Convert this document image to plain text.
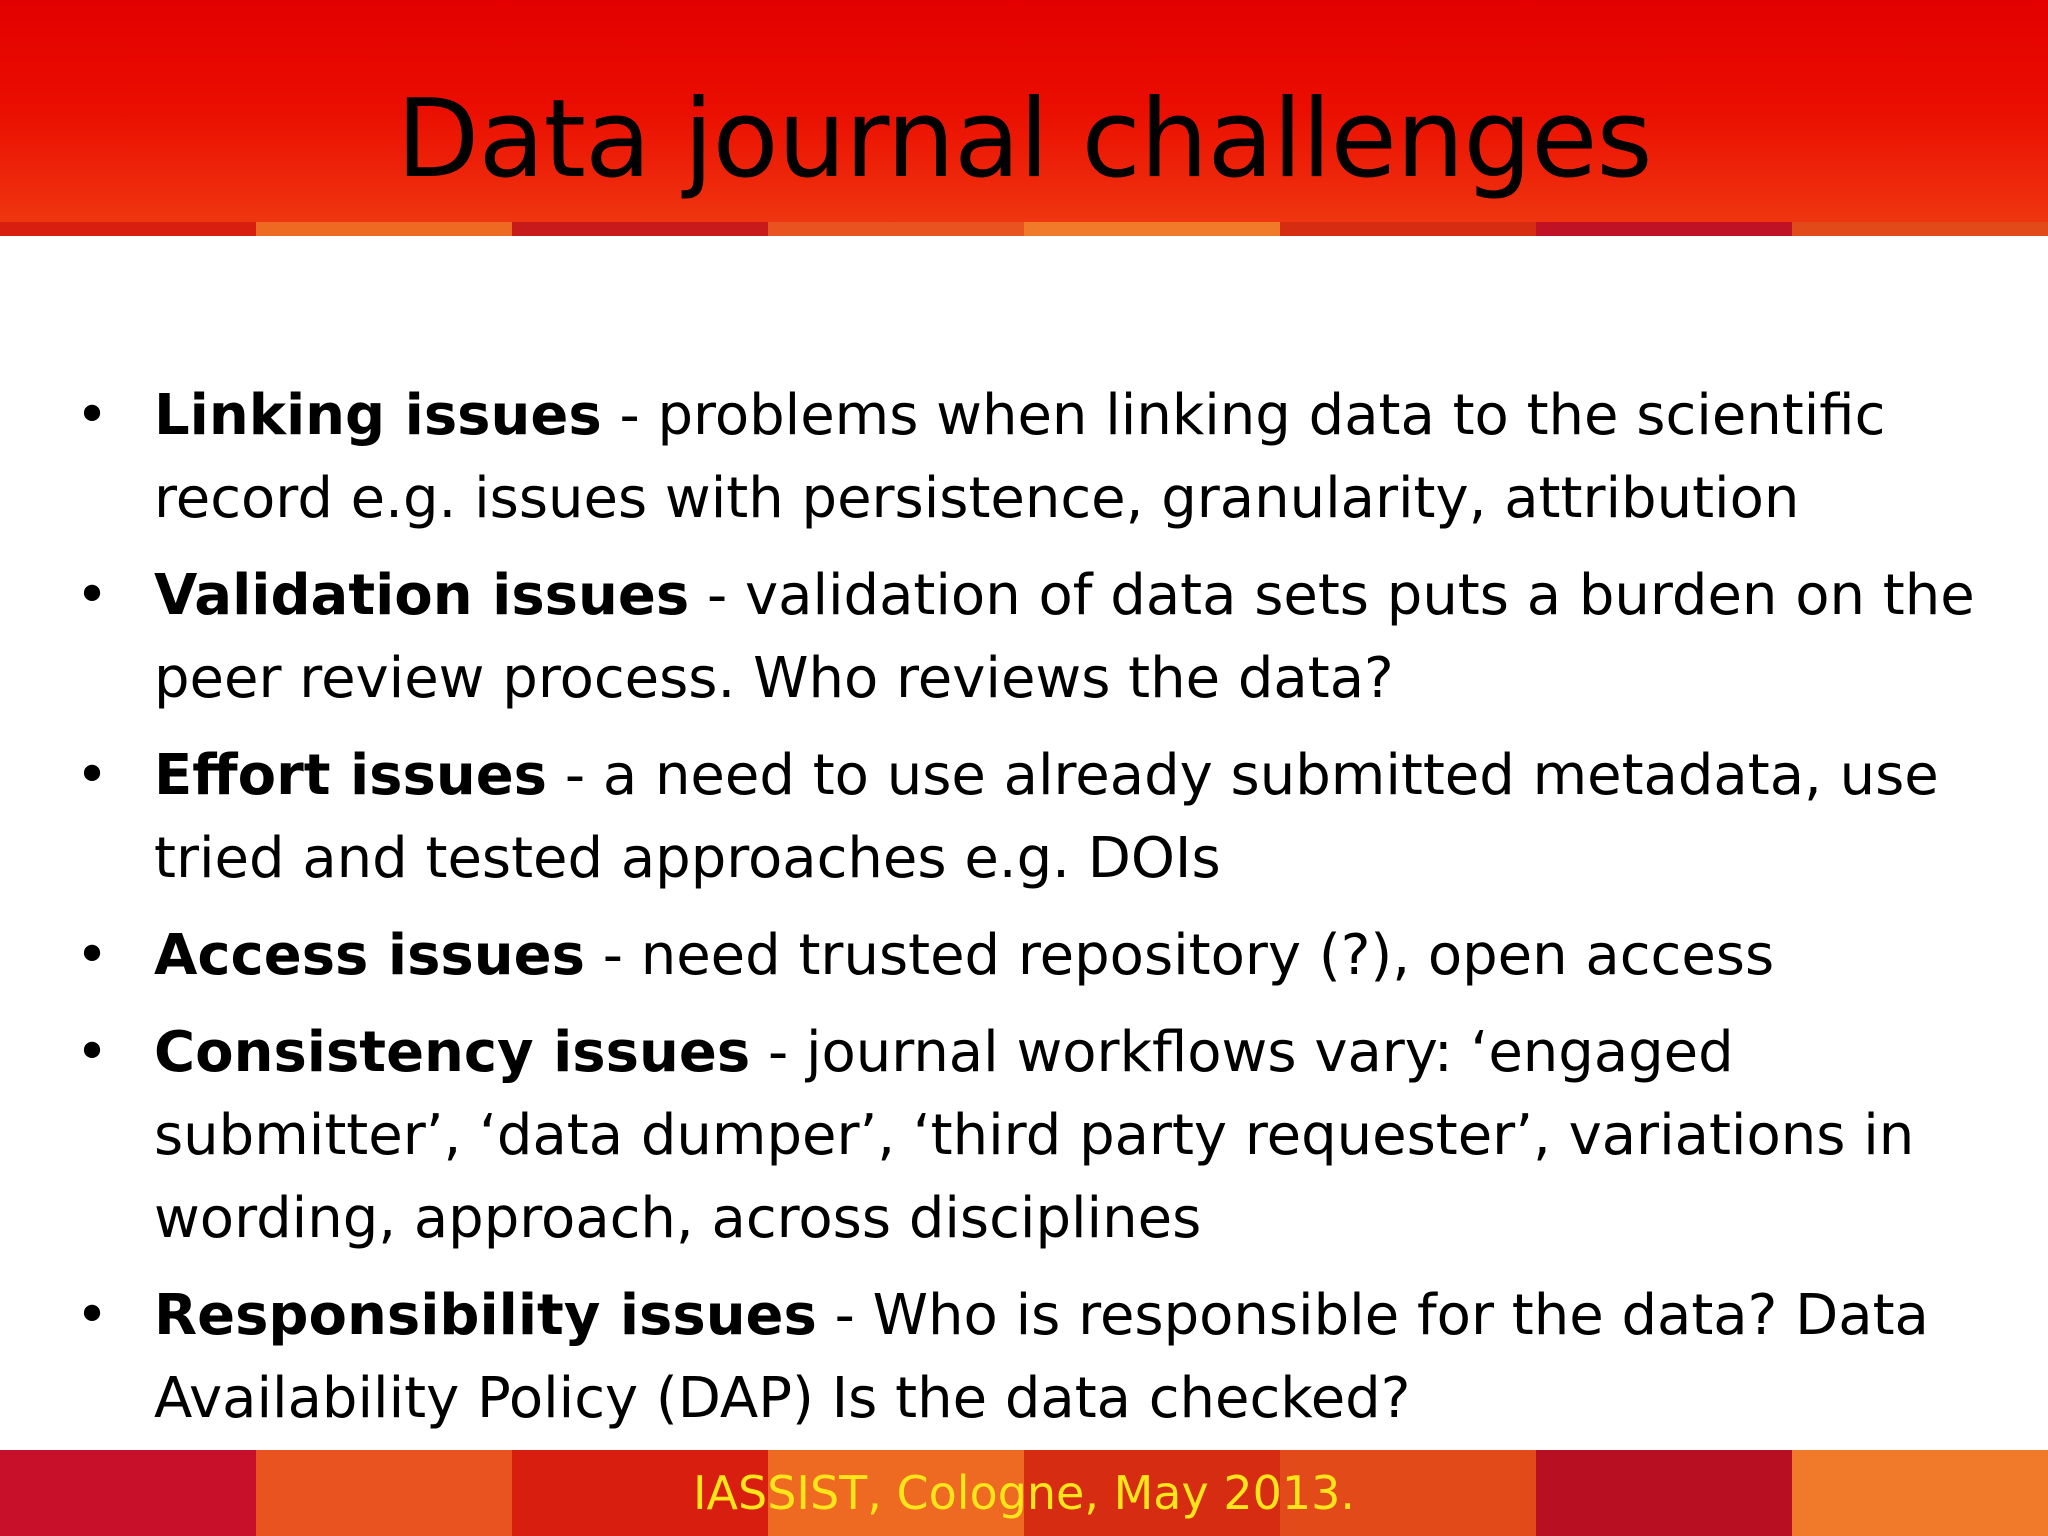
Data journal challenges
• Linking issues - problems when linking data to the scientific record e.g. issues with persistence, granularity, attribution
• Validation issues - validation of data sets puts a burden on the peer review process. Who reviews the data?
• Effort issues - a need to use already submitted metadata, use tried and tested approaches e.g. DOIs
• Access issues - need trusted repository (?), open access
• Consistency issues - journal workflows vary: ‘engaged submitter’, ‘data dumper’, ‘third party requester’, variations in wording, approach, across disciplines
• Responsibility issues - Who is responsible for the data? Data Availability Policy (DAP) Is the data checked?
IASSIST, Cologne, May 2013.
